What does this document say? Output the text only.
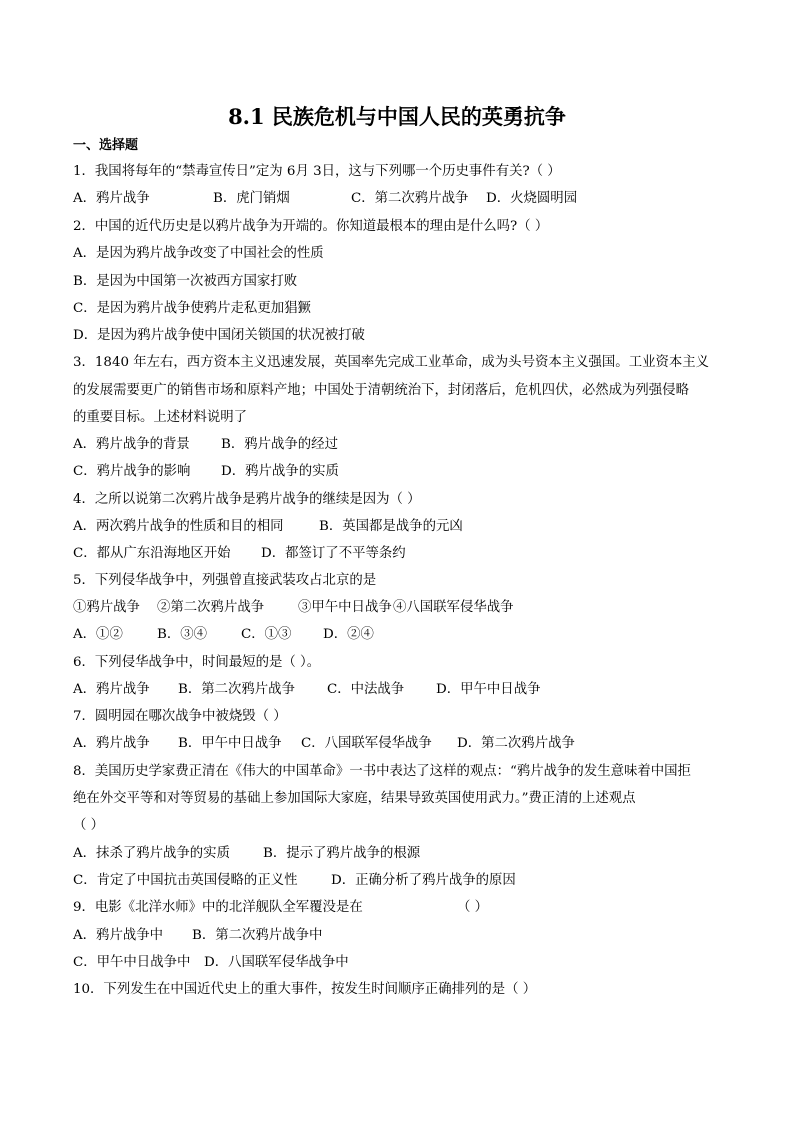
8.1 民族危机与中国人民的英勇抗争
一、选择题
1．我国将每年的“禁毒宣传日”定为 6月 3日，这与下列哪一个历史事件有关?（ ）
A．鸦片战争	B．虎门销烟	C．第二次鸦片战争 D．火烧圆明园
2．中国的近代历史是以鸦片战争为开端的。你知道最根本的理由是什么吗?（ ）
A．是因为鸦片战争改变了中国社会的性质
B．是因为中国第一次被西方国家打败
C．是因为鸦片战争使鸦片走私更加猖獗
D．是因为鸦片战争使中国闭关锁国的状况被打破
3．1840 年左右，西方资本主义迅速发展，英国率先完成工业革命，成为头号资本主义强国。工业资本主义
的发展需要更广的销售市场和原料产地；中国处于清朝统治下，封闭落后，危机四伏，必然成为列强侵略
的重要目标。上述材料说明了
A．鸦片战争的背景 B．鸦片战争的经过
C．鸦片战争的影响 D．鸦片战争的实质
4．之所以说第二次鸦片战争是鸦片战争的继续是因为（ ）
A．两次鸦片战争的性质和目的相同	B．英国都是战争的元凶
C．都从广东沿海地区开始 D．都签订了不平等条约
5．下列侵华战争中，列强曾直接武装攻占北京的是
①鸦片战争 ②第二次鸦片战争	③甲午中日战争 ④八国联军侵华战争
A．①②	B．③④	C．①③ D．②④
6．下列侵华战争中，时间最短的是（ ）。
A．鸦片战争 B．第二次鸦片战争 C．中法战争 D．甲午中日战争
7．圆明园在哪次战争中被烧毁（ ）
A．鸦片战争 B．甲午中日战争 C．八国联军侵华战争 D．第二次鸦片战争
8．美国历史学家费正清在《伟大的中国革命》一书中表达了这样的观点：“鸦片战争的发生意味着中国拒
绝在外交平等和对等贸易的基础上参加国际大家庭，结果导致英国使用武力。”费正清的上述观点
（ ）
A．抹杀了鸦片战争的实质 B．提示了鸦片战争的根源
C．肯定了中国抗击英国侵略的正义性	D．正确分析了鸦片战争的原因
9．电影《北洋水师》中的北洋舰队全军覆没是在	（ ）
A．鸦片战争中 B．第二次鸦片战争中
C．甲午中日战争中 D．八国联军侵华战争中
10．下列发生在中国近代史上的重大事件，按发生时间顺序正确排列的是（ ）
